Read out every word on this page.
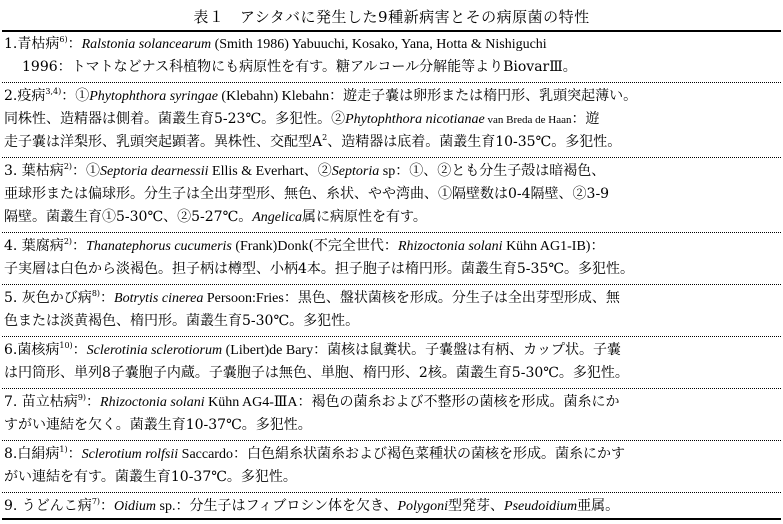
表１　アシタバに発生した9種新病害とその病原菌の特性
1.青枯病$^{6)}$：Ralstonia solancearum (Smith 1986) Yabuuchi, Kosako, Yana, Hotta & Nishiguchi
1996：トマトなどナス科植物にも病原性を有す。糖アルコール分解能等よりBiovarⅢ。
2.疫病$^{3,4)}$：①Phytophthora syringae (Klebahn) Klebahn：遊走子嚢は卵形または楕円形、乳頭突起薄い。
同株性、造精器は側着。菌叢生育5-23℃。多犯性。②Phytophthora nicotianae van Breda de Haan：遊
走子嚢は洋梨形、乳頭突起顕著。異株性、交配型$A^2$、造精器は底着。菌叢生育10-35℃。多犯性。
3. 葉枯病$^{2)}$：①Septoria dearnessii Ellis & Everhart、②Septoria sp：①、②とも分生子殻は暗褐色、
亜球形または偏球形。分生子は全出芽型形、無色、糸状、やや湾曲、①隔壁数は0-4隔壁、②3-9
隔壁。菌叢生育①5-30℃、②5-27℃。Angelica属に病原性を有す。
4. 葉腐病$^{2)}$：Thanatephorus cucumeris (Frank)Donk(不完全世代：Rhizoctonia solani Kühn AG1-IB)：
子実層は白色から淡褐色。担子柄は樽型、小柄4本。担子胞子は楕円形。菌叢生育5-35℃。多犯性。
5. 灰色かび病$^{8)}$：Botrytis cinerea Persoon:Fries：黒色、盤状菌核を形成。分生子は全出芽型形成、無
色または淡黄褐色、楕円形。菌叢生育5-30℃。多犯性。
6.菌核病$^{10)}$：Sclerotinia sclerotiorum (Libert)de Bary：菌核は鼠糞状。子嚢盤は有柄、カップ状。子嚢
は円筒形、単列8子嚢胞子内蔵。子嚢胞子は無色、単胞、楕円形、2核。菌叢生育5-30℃。多犯性。
7. 苗立枯病$^{9)}$：Rhizoctonia solani Kühn AG4-ⅢA：褐色の菌糸および不整形の菌核を形成。菌糸にか
すがい連結を欠く。菌叢生育10-37℃。多犯性。
8.白絹病$^{1)}$：Sclerotium rolfsii Saccardo：白色絹糸状菌糸および褐色菜種状の菌核を形成。菌糸にかす
がい連結を有す。菌叢生育10-37℃。多犯性。
9. うどんこ病$^{7)}$：Oidium sp.：分生子はフィブロシン体を欠き、Polygoni型発芽、Pseudoidium亜属。
